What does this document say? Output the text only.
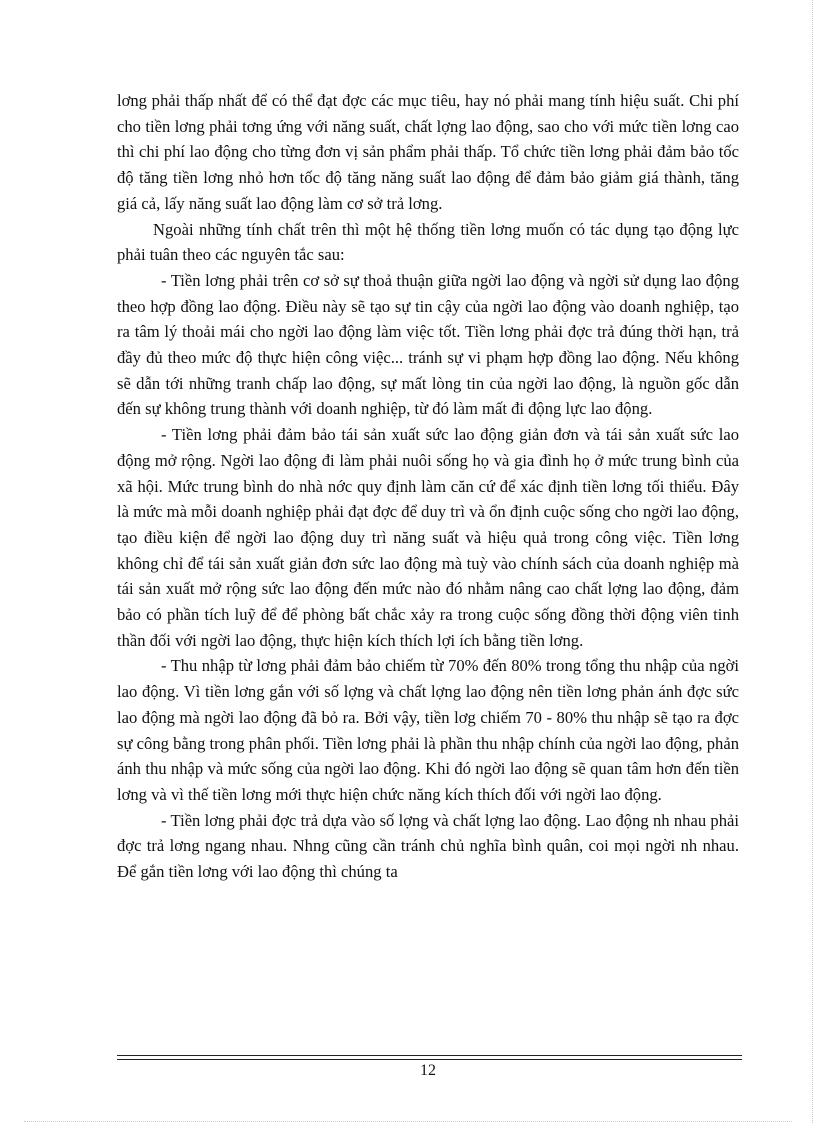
lơng phải thấp nhất để có thể đạt đợc các mục tiêu, hay nó phải mang tính hiệu suất. Chi phí cho tiền lơng phải tơng ứng với năng suất, chất lợng lao động, sao cho với mức tiền lơng cao thì chi phí lao động cho từng đơn vị sản phẩm phải thấp. Tổ chức tiền lơng phải đảm bảo tốc độ tăng tiền lơng nhỏ hơn tốc độ tăng năng suất lao động để đảm bảo giảm giá thành, tăng giá cả, lấy năng suất lao động làm cơ sở trả lơng.

Ngoài những tính chất trên thì một hệ thống tiền lơng muốn có tác dụng tạo động lực phải tuân theo các nguyên tắc sau:

- Tiền lơng phải trên cơ sở sự thoả thuận giữa ngời lao động và ngời sử dụng lao động theo hợp đồng lao động. Điều này sẽ tạo sự tin cậy của ngời lao động vào doanh nghiệp, tạo ra tâm lý thoải mái cho ngời lao động làm việc tốt. Tiền lơng phải đợc trả đúng thời hạn, trả đầy đủ theo mức độ thực hiện công việc... tránh sự vi phạm hợp đồng lao động. Nếu không sẽ dẫn tới những tranh chấp lao động, sự mất lòng tin của ngời lao động, là nguồn gốc dẫn đến sự không trung thành với doanh nghiệp, từ đó làm mất đi động lực lao động.

- Tiền lơng phải đảm bảo tái sản xuất sức lao động giản đơn và tái sản xuất sức lao động mở rộng. Ngời lao động đi làm phải nuôi sống họ và gia đình họ ở mức trung bình của xã hội. Mức trung bình do nhà nớc quy định làm căn cứ để xác định tiền lơng tối thiểu. Đây là mức mà mỗi doanh nghiệp phải đạt đợc để duy trì và ổn định cuộc sống cho ngời lao động, tạo điều kiện để ngời lao động duy trì năng suất và hiệu quả trong công việc. Tiền lơng không chỉ để tái sản xuất giản đơn sức lao động mà tuỳ vào chính sách của doanh nghiệp mà tái sản xuất mở rộng sức lao động đến mức nào đó nhằm nâng cao chất lợng lao động, đảm bảo có phần tích luỹ để để phòng bất chắc xảy ra trong cuộc sống đồng thời động viên tinh thần đối với ngời lao động, thực hiện kích thích lợi ích bằng tiền lơng.

- Thu nhập từ lơng phải đảm bảo chiếm từ 70% đến 80% trong tổng thu nhập của ngời lao động. Vì tiền lơng gắn với số lợng và chất lợng lao động nên tiền lơng phản ánh đợc sức lao động mà ngời lao động đã bỏ ra. Bởi vậy, tiền lơg chiếm 70 - 80% thu nhập sẽ tạo ra đợc sự công bằng trong phân phối. Tiền lơng phải là phần thu nhập chính của ngời lao động, phản ánh thu nhập và mức sống của ngời lao động. Khi đó ngời lao động sẽ quan tâm hơn đến tiền lơng và vì thế tiền lơng mới thực hiện chức năng kích thích đối với ngời lao động.

- Tiền lơng phải đợc trả dựa vào số lợng và chất lợng lao động. Lao động nh nhau phải đợc trả lơng ngang nhau. Nhng cũng cần tránh chủ nghĩa bình quân, coi mọi ngời nh nhau. Để gắn tiền lơng với lao động thì chúng ta

12
